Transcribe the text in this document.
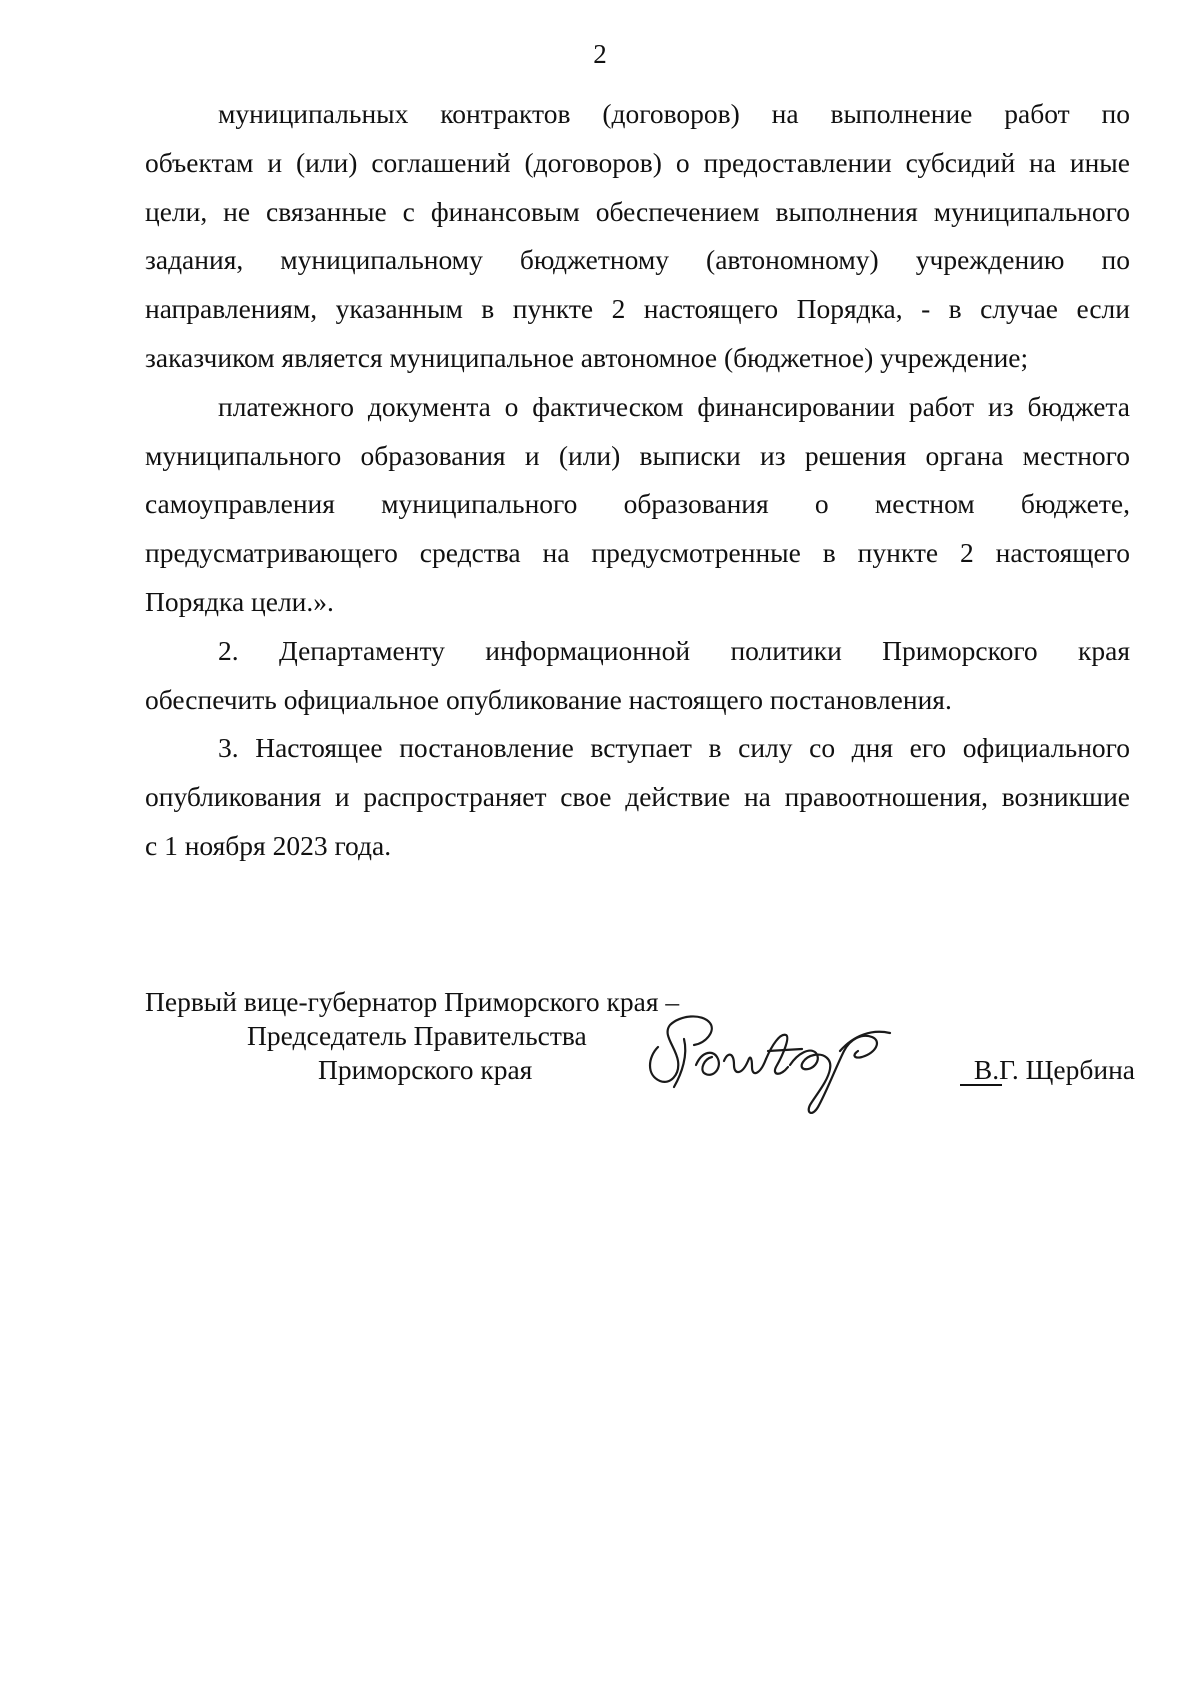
2

муниципальных контрактов (договоров) на выполнение работ по
объектам и (или) соглашений (договоров) о предоставлении субсидий на иные
цели, не связанные с финансовым обеспечением выполнения муниципального
задания, муниципальному бюджетному (автономному) учреждению по
направлениям, указанным в пункте 2 настоящего Порядка, - в случае если
заказчиком является муниципальное автономное (бюджетное) учреждение;

платежного документа о фактическом финансировании работ из бюджета
муниципального образования и (или) выписки из решения органа местного
самоуправления муниципального образования о местном бюджете,
предусматривающего средства на предусмотренные в пункте 2 настоящего
Порядка цели.».

2. Департаменту информационной политики Приморского края
обеспечить официальное опубликование настоящего постановления.

3. Настоящее постановление вступает в силу со дня его официального
опубликования и распространяет свое действие на правоотношения, возникшие
с 1 ноября 2023 года.

Первый вице-губернатор Приморского края –
Председатель Правительства
Приморского края	В.Г. Щербина
